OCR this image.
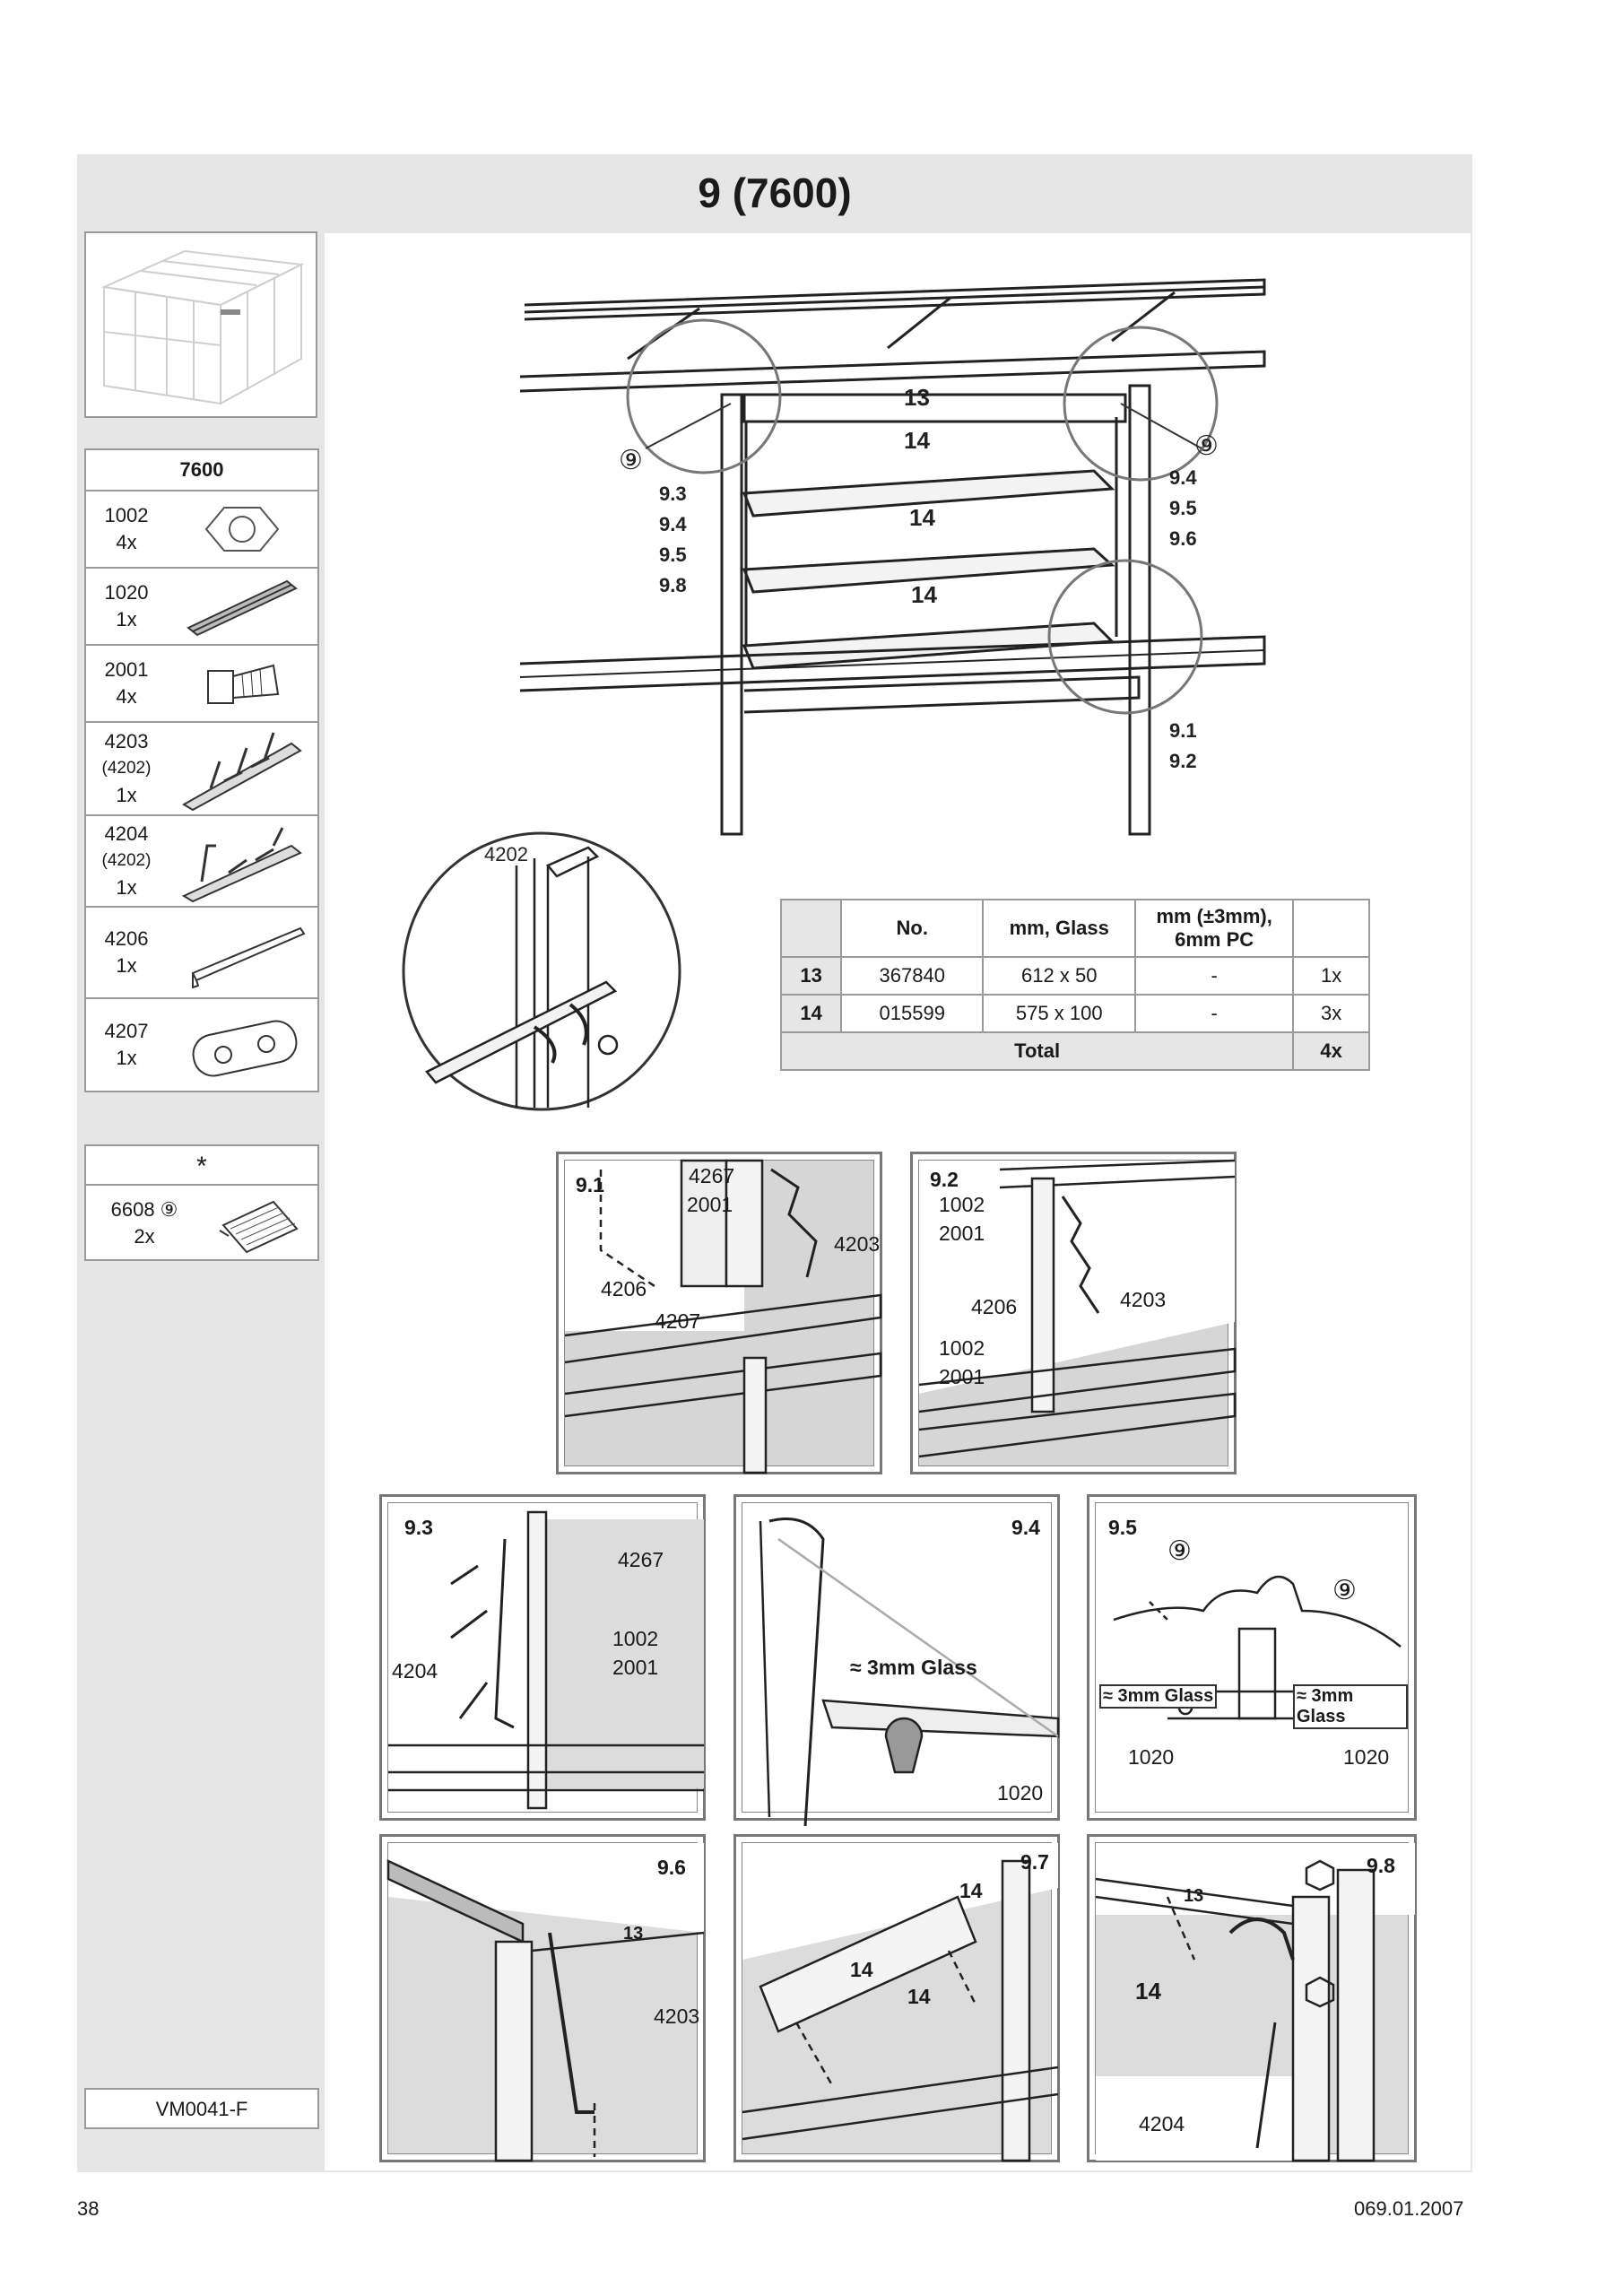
9 (7600)
7600
1002
4x
1020
1x
2001
4x
4203
(4202)
1x
4204
(4202)
1x
4206
1x
4207
1x
*
6608 ⑨
2x
VM0041-F
13
14
14
14
⑨	⑨
9.3
9.4
9.5
9.8
9.4
9.5
9.6
9.1
9.2
4202
	No.	mm, Glass	mm (±3mm),
6mm PC	
13	367840	612 x 50	-	1x
14	015599	575 x 100	-	3x
Total				4x
9.1	4267
2001
4203
4206
4207
9.2
1002
2001
4206	4203
1002
2001
9.3
4267
4204
1002
2001
9.4
≈ 3mm Glass
1020
9.5
⑨
⑨
≈ 3mm Glass	≈ 3mm Glass
1020	1020
9.6
13
4203
9.7
14
14
14
9.8
13
14
4204
38	069.01.2007
